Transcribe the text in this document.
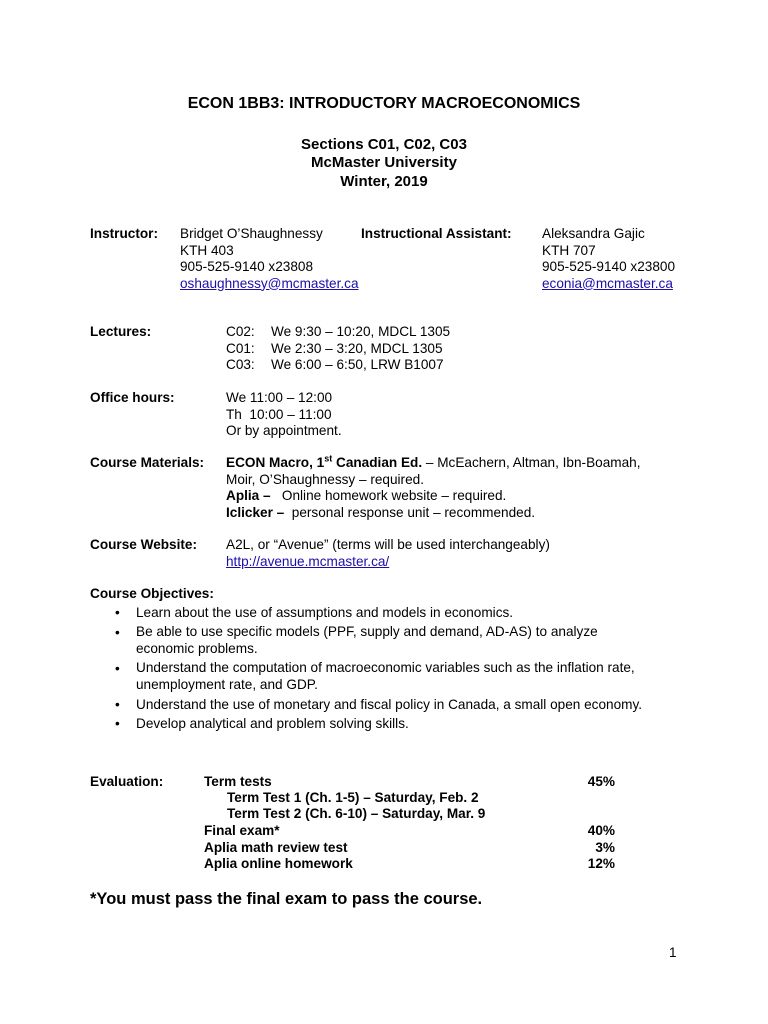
ECON 1BB3: INTRODUCTORY MACROECONOMICS
Sections C01, C02, C03
McMaster University
Winter, 2019
Instructor: Bridget O’Shaughnessy
KTH 403
905-525-9140 x23808
oshaughnessy@mcmaster.ca
Instructional Assistant: Aleksandra Gajic
KTH 707
905-525-9140 x23800
econia@mcmaster.ca
Lectures:	C02: We 9:30 – 10:20, MDCL 1305
C01: We 2:30 – 3:20, MDCL 1305
C03: We 6:00 – 6:50, LRW B1007
Office hours:	We 11:00 – 12:00
Th  10:00 – 11:00
Or by appointment.
Course Materials: ECON Macro, 1st Canadian Ed. – McEachern, Altman, Ibn-Boamah,
Moir, O’Shaughnessy – required.
Aplia –   Online homework website – required.
Iclicker –  personal response unit – recommended.
Course Website: A2L, or “Avenue” (terms will be used interchangeably)
http://avenue.mcmaster.ca/
Course Objectives:
• Learn about the use of assumptions and models in economics.
• Be able to use specific models (PPF, supply and demand, AD-AS) to analyze economic problems.
• Understand the computation of macroeconomic variables such as the inflation rate, unemployment rate, and GDP.
• Understand the use of monetary and fiscal policy in Canada, a small open economy.
• Develop analytical and problem solving skills.
Evaluation:	Term tests	45%
Term Test 1 (Ch. 1-5) – Saturday, Feb. 2
Term Test 2 (Ch. 6-10) – Saturday, Mar. 9
Final exam*	40%
Aplia math review test	3%
Aplia online homework	12%
*You must pass the final exam to pass the course.
1
